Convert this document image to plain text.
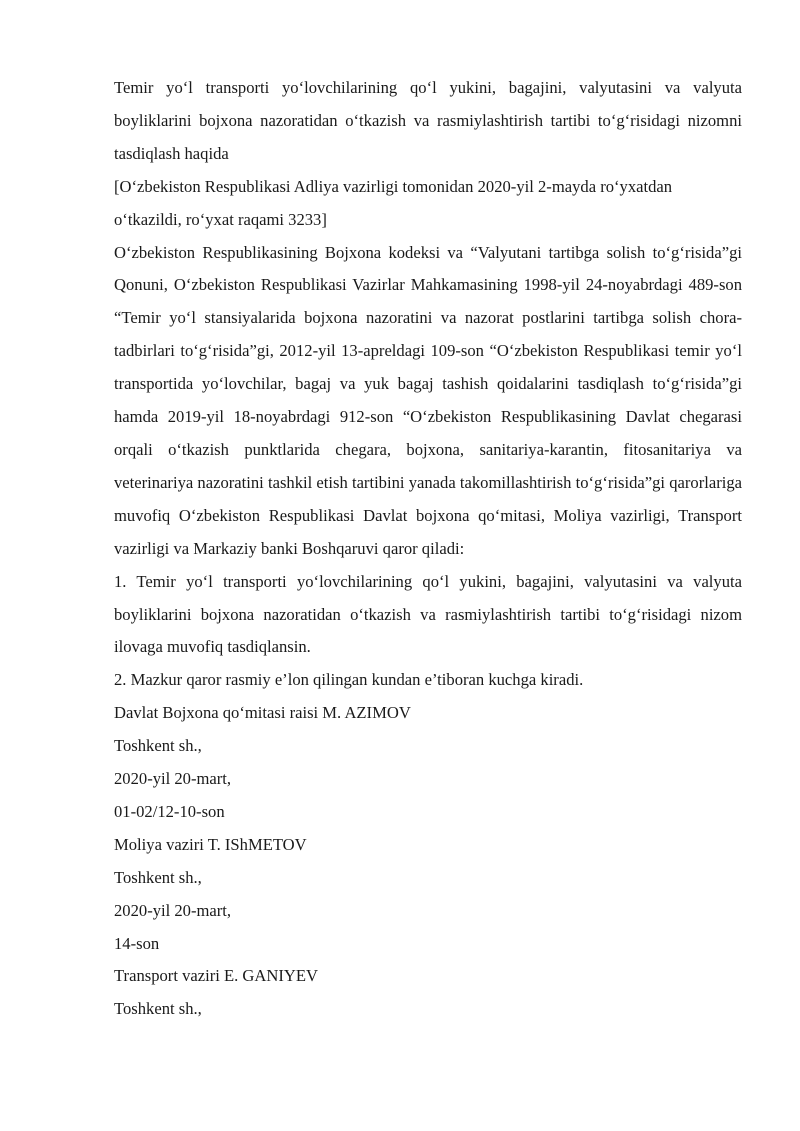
Temir yo‘l transporti yo‘lovchilarining qo‘l yukini, bagajini, valyutasini va valyuta boyliklarini bojxona nazoratidan o‘tkazish va rasmiylashtirish tartibi to‘g‘risidagi nizomni tasdiqlash haqida

[O‘zbekiston Respublikasi Adliya vazirligi tomonidan 2020-yil 2-mayda ro‘yxatdan o‘tkazildi, ro‘yxat raqami 3233]

O‘zbekiston Respublikasining Bojxona kodeksi va “Valyutani tartibga solish to‘g‘risida”gi Qonuni, O‘zbekiston Respublikasi Vazirlar Mahkamasining 1998-yil 24-noyabrdagi 489-son “Temir yo‘l stansiyalarida bojxona nazoratini va nazorat postlarini tartibga solish chora-tadbirlari to‘g‘risida”gi, 2012-yil 13-apreldagi 109-son “O‘zbekiston Respublikasi temir yo‘l transportida yo‘lovchilar, bagaj va yuk bagaj tashish qoidalarini tasdiqlash to‘g‘risida”gi hamda 2019-yil 18-noyabrdagi 912-son “O‘zbekiston Respublikasining Davlat chegarasi orqali o‘tkazish punktlarida chegara, bojxona, sanitariya-karantin, fitosanitariya va veterinariya nazoratini tashkil etish tartibini yanada takomillashtirish to‘g‘risida”gi qarorlariga muvofiq O‘zbekiston Respublikasi Davlat bojxona qo‘mitasi, Moliya vazirligi, Transport vazirligi va Markaziy banki Boshqaruvi qaror qiladi:

1. Temir yo‘l transporti yo‘lovchilarining qo‘l yukini, bagajini, valyutasini va valyuta boyliklarini bojxona nazoratidan o‘tkazish va rasmiylashtirish tartibi to‘g‘risidagi nizom ilovaga muvofiq tasdiqlansin.

2. Mazkur qaror rasmiy e’lon qilingan kundan e’tiboran kuchga kiradi.

Davlat Bojxona qo‘mitasi raisi M. AZIMOV

Toshkent sh.,

2020-yil 20-mart,

01-02/12-10-son

Moliya vaziri T. IShMETOV

Toshkent sh.,

2020-yil 20-mart,

14-son

Transport vaziri E. GANIYEV

Toshkent sh.,
